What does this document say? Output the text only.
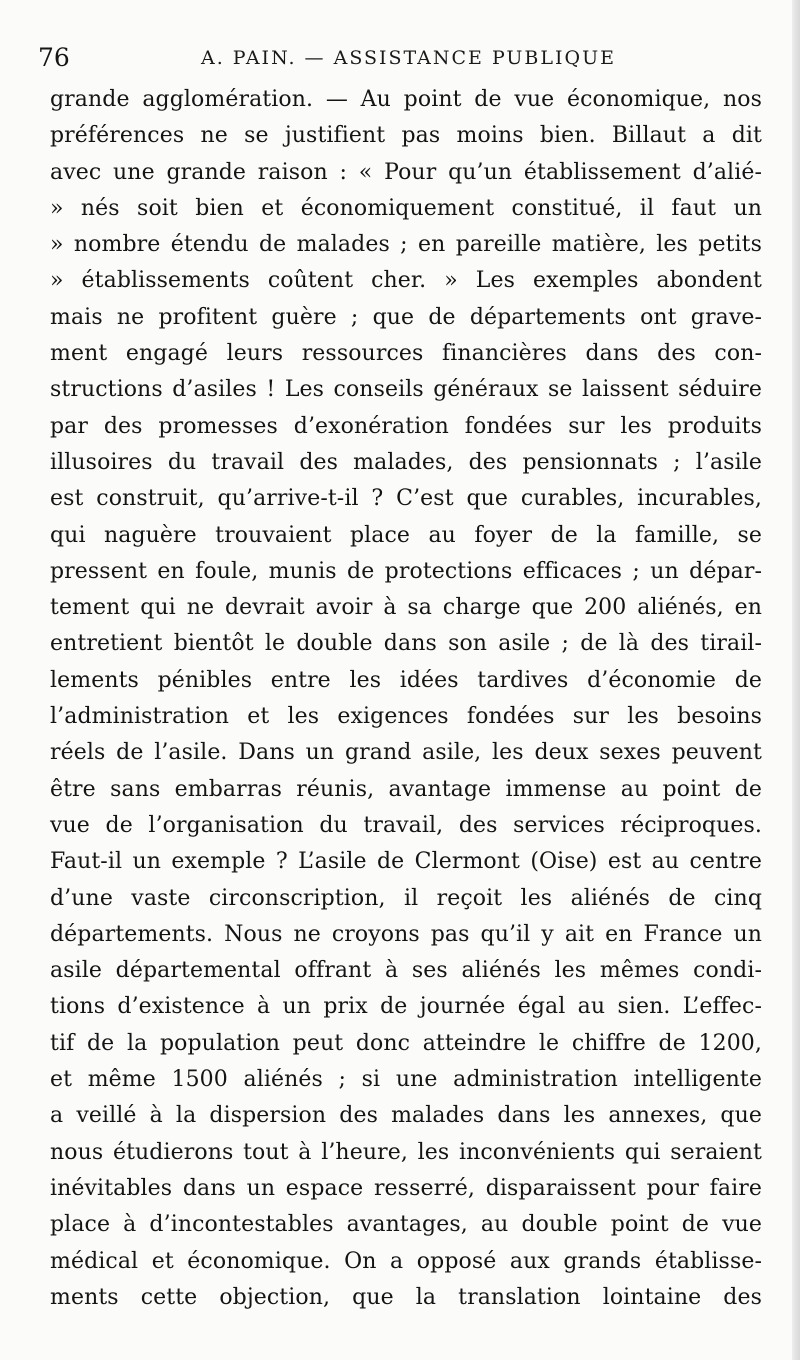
76	A. PAIN. — ASSISTANCE PUBLIQUE
grande agglomération. — Au point de vue économique, nos
préférences ne se justifient pas moins bien. Billaut a dit
avec une grande raison : « Pour qu’un établissement d’alié-
» nés soit bien et économiquement constitué, il faut un
» nombre étendu de malades ; en pareille matière, les petits
» établissements coûtent cher. » Les exemples abondent
mais ne profitent guère ; que de départements ont grave-
ment engagé leurs ressources financières dans des con-
structions d’asiles ! Les conseils généraux se laissent séduire
par des promesses d’exonération fondées sur les produits
illusoires du travail des malades, des pensionnats ; l’asile
est construit, qu’arrive-t-il ? C’est que curables, incurables,
qui naguère trouvaient place au foyer de la famille, se
pressent en foule, munis de protections efficaces ; un dépar-
tement qui ne devrait avoir à sa charge que 200 aliénés, en
entretient bientôt le double dans son asile ; de là des tirail-
lements pénibles entre les idées tardives d’économie de
l’administration et les exigences fondées sur les besoins
réels de l’asile. Dans un grand asile, les deux sexes peuvent
être sans embarras réunis, avantage immense au point de
vue de l’organisation du travail, des services réciproques.
Faut-il un exemple ? L’asile de Clermont (Oise) est au centre
d’une vaste circonscription, il reçoit les aliénés de cinq
départements. Nous ne croyons pas qu’il y ait en France un
asile départemental offrant à ses aliénés les mêmes condi-
tions d’existence à un prix de journée égal au sien. L’effec-
tif de la population peut donc atteindre le chiffre de 1200,
et même 1500 aliénés ; si une administration intelligente
a veillé à la dispersion des malades dans les annexes, que
nous étudierons tout à l’heure, les inconvénients qui seraient
inévitables dans un espace resserré, disparaissent pour faire
place à d’incontestables avantages, au double point de vue
médical et économique. On a opposé aux grands établisse-
ments cette objection, que la translation lointaine des
